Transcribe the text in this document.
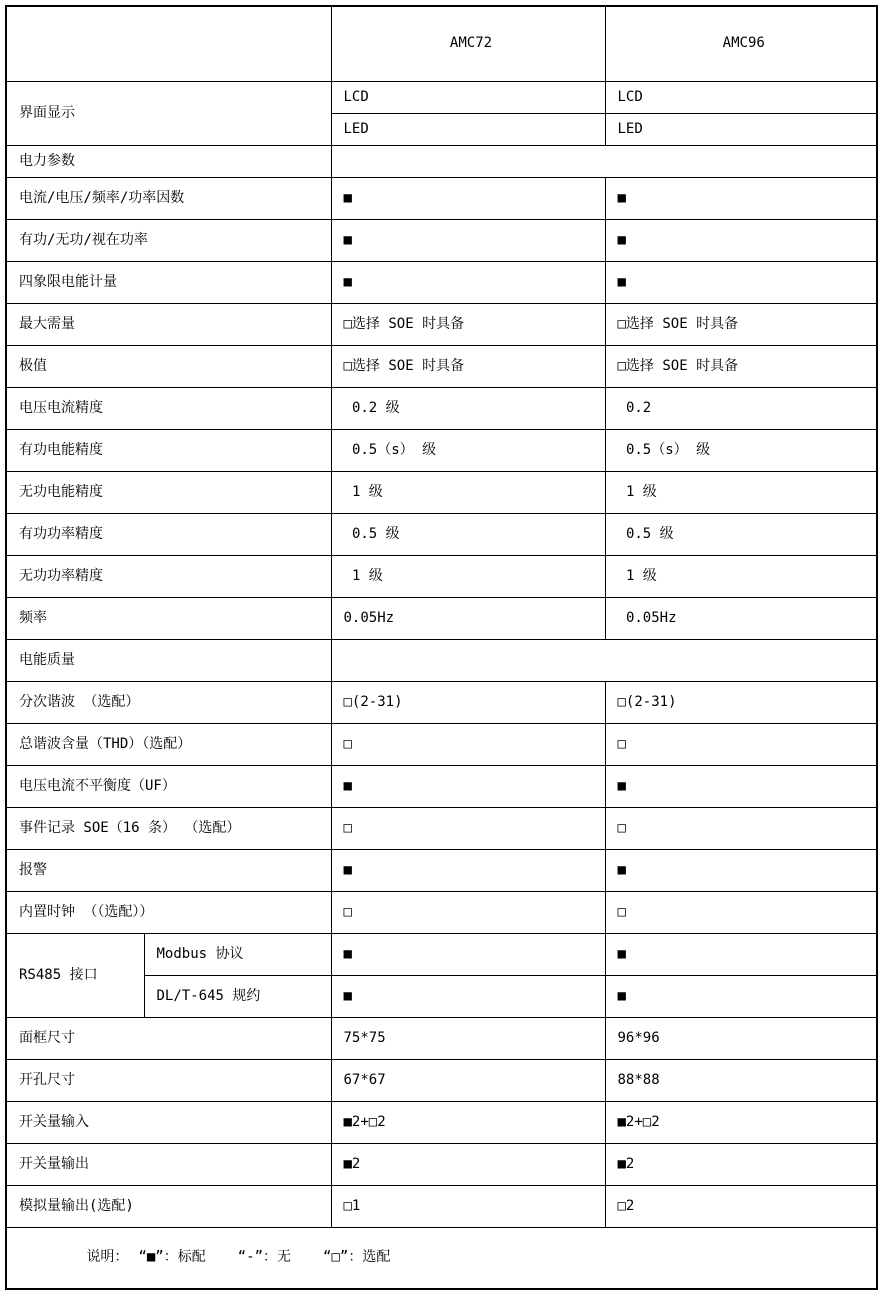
		AMC72	AMC96
界面显示		LCD	LCD
		LED	LED
电力参数			
电流/电压/频率/功率因数		■	■
有功/无功/视在功率		■	■
四象限电能计量		■	■
最大需量		□选择 SOE 时具备	□选择 SOE 时具备
极值		□选择 SOE 时具备	□选择 SOE 时具备
电压电流精度		0.2 级	0.2
有功电能精度		0.5（s） 级	0.5（s） 级
无功电能精度		1 级	1 级
有功功率精度		0.5 级	0.5 级
无功功率精度		1 级	1 级
频率		0.05Hz	0.05Hz
电能质量			
分次谐波 （选配）		□(2-31)	□(2-31)
总谐波含量（THD）（选配）		□	□
电压电流不平衡度（UF）		■	■
事件记录 SOE（16 条） （选配）		□	□
报警		■	■
内置时钟 （（选配））		□	□
RS485 接口	Modbus 协议	■	■
	DL/T-645 规约	■	■
面框尺寸		75*75	96*96
开孔尺寸		67*67	88*88
开关量输入		■2+□2	■2+□2
开关量输出		■2	■2
模拟量输出(选配)		□1	□2

说明： “■”：标配 “-”：无 “□”：选配			
